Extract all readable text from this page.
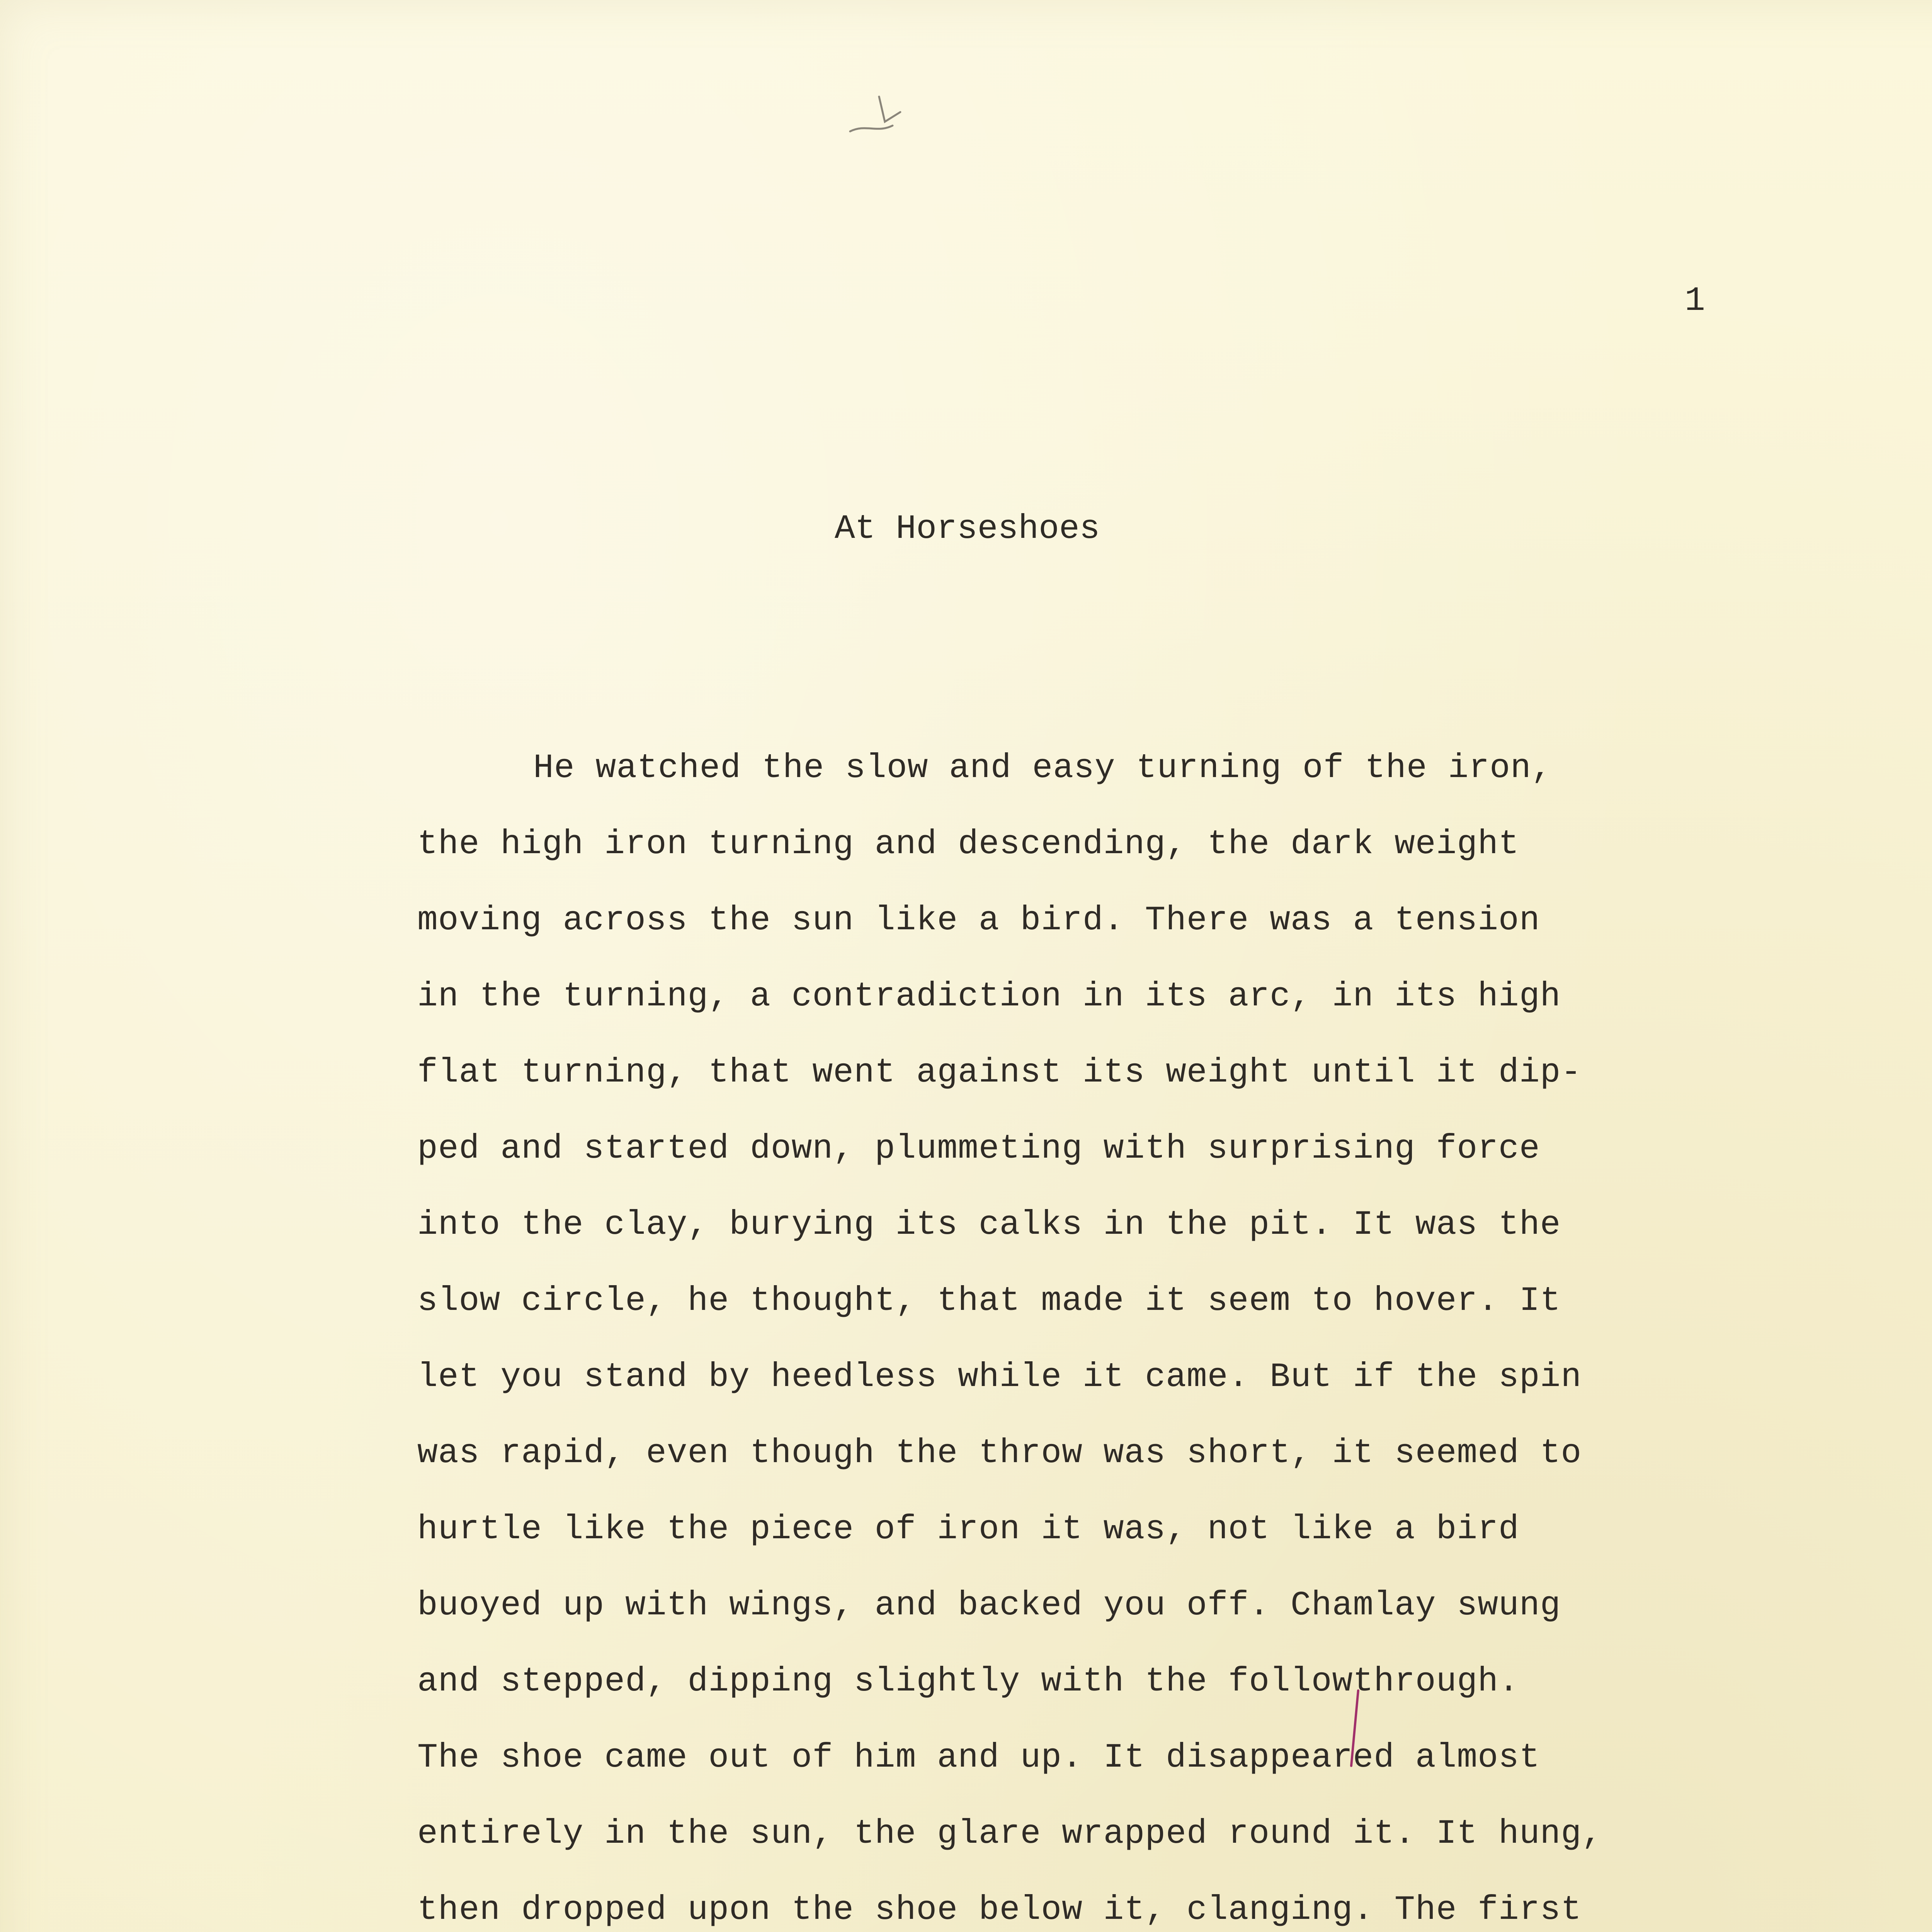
1
At Horseshoes
He watched the slow and easy turning of the iron,
the high iron turning and descending, the dark weight
moving across the sun like a bird. There was a tension
in the turning, a contradiction in its arc, in its high
flat turning, that went against its weight until it dip-
ped and started down, plummeting with surprising force
into the clay, burying its calks in the pit. It was the
slow circle, he thought, that made it seem to hover. It
let you stand by heedless while it came. But if the spin
was rapid, even though the throw was short, it seemed to
hurtle like the piece of iron it was, not like a bird
buoyed up with wings, and backed you off. Chamlay swung
and stepped, dipping slightly with the follow
through.
The shoe came out of him and up. It disappeared almost
entirely in the sun, the glare wrapped round it. It hung,
then dropped upon the shoe below it, clanging. The first
